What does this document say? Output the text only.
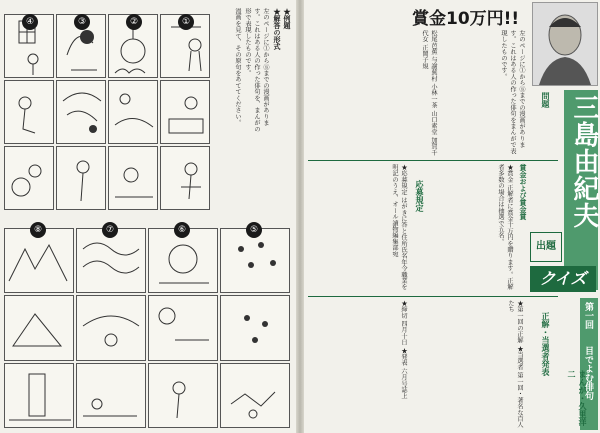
★例題
★解答の形式
左のページに①から⑧までの漫画があります。これはある人の作った俳句を、まんがの形で表現したものです。
漫画を見て、その原句をあててください。
④	③	②	①
⑧	⑦	⑥	⑤
賞金10万円!!
三島由紀夫
出題
クイズ
第一回
目でよむ俳句
まんが・久里洋二
問題
賞金および賞金賞
応募規定
正解・当選者発表
左のページに①から⑧までの漫画があります。これはある人の作った俳句をまんがで表現したものです。
松尾芭蕉 与謝蕪村 小林一茶 山口素堂 加賀千代女 正岡子規
★賞金 正解者に賞金十万円を贈ります。正解者多数の場合は抽選で五名。
★応募規定 はがきに答と住所氏名年令職業を明記のうえ、オール讀物編集部宛
★締切 四月十日 ★発表 六月号誌上	★第一回の正解 ★当選者 第一回・著名な百人たち
